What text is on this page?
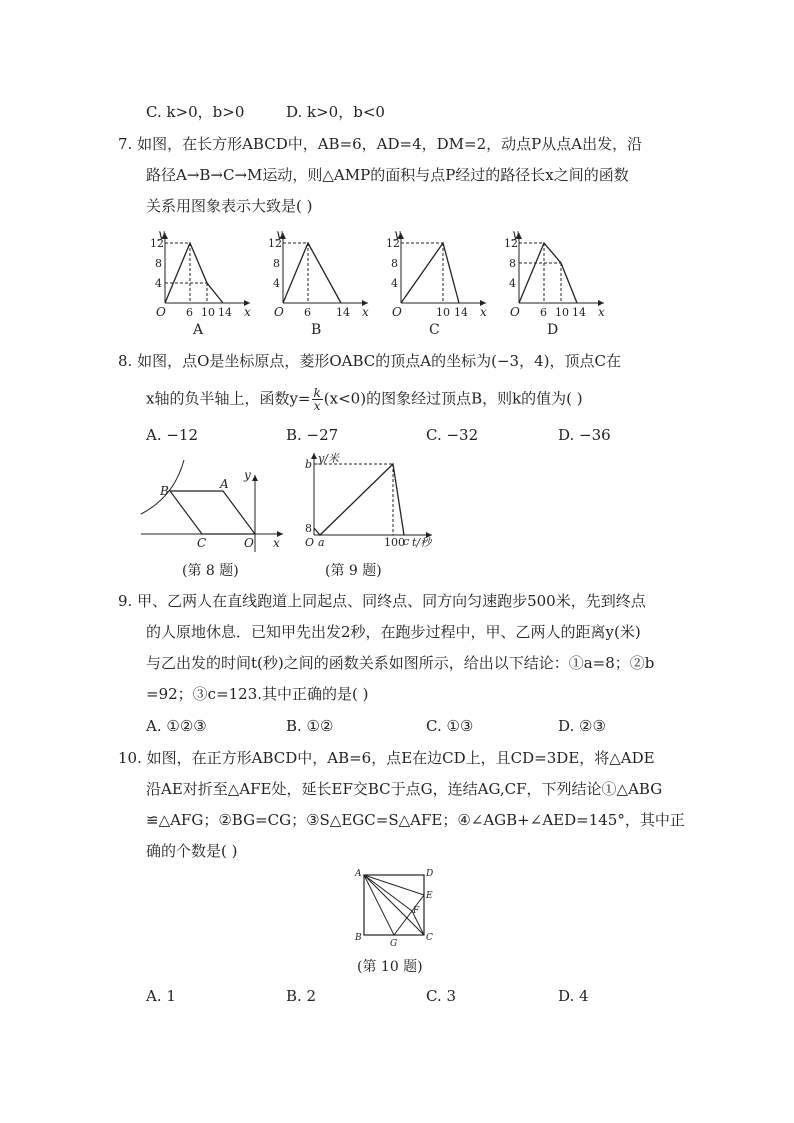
C. k>0，b>0	D. k>0，b<0
7. 如图，在长方形ABCD中，AB=6，AD=4，DM=2，动点P从点A出发，沿
路径A→B→C→M运动，则△AMP的面积与点P经过的路径长x之间的函数
关系用图象表示大致是( )
y
x
O
12
8
4
6 10 14
A
y
x
O
12
8
4
6 14
B
y
x
O
12
8
4
10 14
C
y
x
O
12
8
4
6 10 14
D
8. 如图，点O是坐标原点，菱形OABC的顶点A的坐标为(−3，4)，顶点C在
x轴的负半轴上，函数$y= \frac{k}{x} (x<0)$的图象经过顶点B，则k的值为( )
A. −12	B. −27	C. −32	D. −36
B	A
C	O
y
x
(第 8 题)
y/米
b
8
O a	100
c t/秒
(第 9 题)
9. 甲、乙两人在直线跑道上同起点、同终点、同方向匀速跑步500米，先到终点
的人原地休息．已知甲先出发2秒，在跑步过程中，甲、乙两人的距离y(米)
与乙出发的时间t(秒)之间的函数关系如图所示，给出以下结论：①a=8；②b
=92；③c=123.其中正确的是( )
A. ①②③	B. ①②	C. ①③	D. ②③
10. 如图，在正方形ABCD中，AB=6，点E在边CD上，且CD=3DE，将△ADE
沿AE对折至△AFE处，延长EF交BC于点G，连结AG,CF，下列结论①△ABG
≌△AFG；②BG=CG；③S△EGC=S△AFE；④∠AGB+∠AED=145°，其中正
确的个数是( )
A	D
E
F
B
G
C
(第 10 题)
A. 1	B. 2	C. 3	D. 4
